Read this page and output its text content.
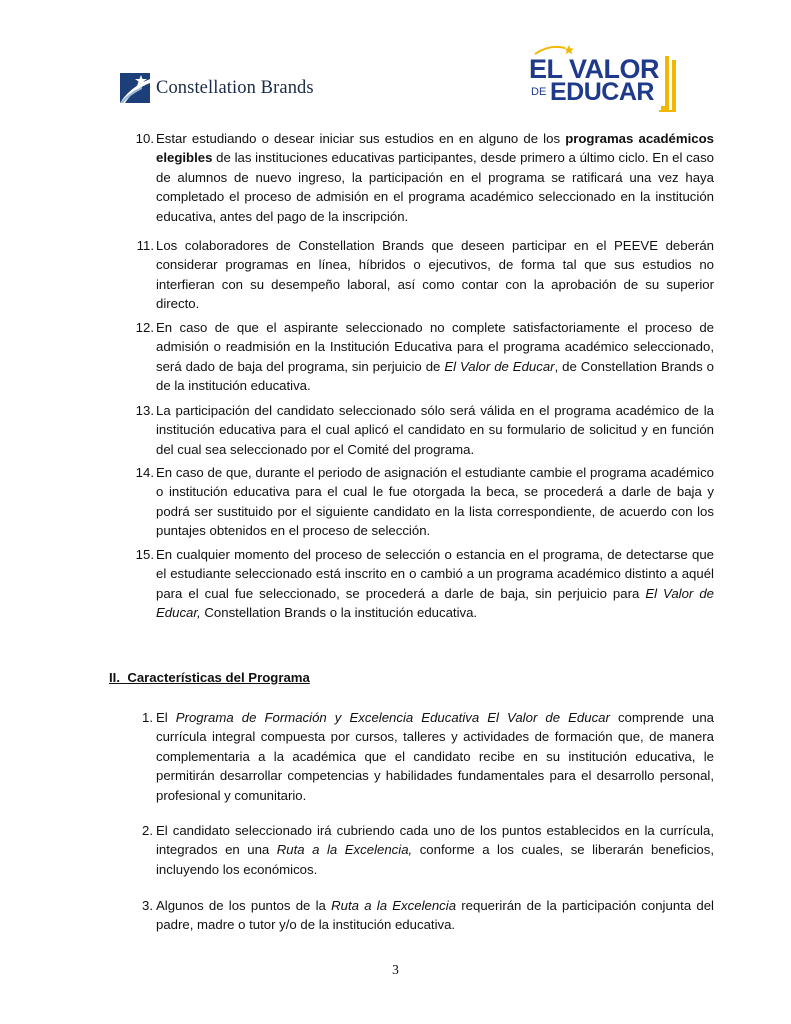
Constellation Brands
EL VALOR
DE EDUCAR
10. Estar estudiando o desear iniciar sus estudios en en alguno de los programas académicos elegibles de las instituciones educativas participantes, desde primero a último ciclo. En el caso de alumnos de nuevo ingreso, la participación en el programa se ratificará una vez haya completado el proceso de admisión en el programa académico seleccionado en la institución educativa, antes del pago de la inscripción.
11. Los colaboradores de Constellation Brands que deseen participar en el PEEVE deberán considerar programas en línea, híbridos o ejecutivos, de forma tal que sus estudios no interfieran con su desempeño laboral, así como contar con la aprobación de su superior directo.
12. En caso de que el aspirante seleccionado no complete satisfactoriamente el proceso de admisión o readmisión en la Institución Educativa para el programa académico seleccionado, será dado de baja del programa, sin perjuicio de El Valor de Educar, de Constellation Brands o de la institución educativa.
13. La participación del candidato seleccionado sólo será válida en el programa académico de la institución educativa para el cual aplicó el candidato en su formulario de solicitud y en función del cual sea seleccionado por el Comité del programa.
14. En caso de que, durante el periodo de asignación el estudiante cambie el programa académico o institución educativa para el cual le fue otorgada la beca, se procederá a darle de baja y podrá ser sustituido por el siguiente candidato en la lista correspondiente, de acuerdo con los puntajes obtenidos en el proceso de selección.
15. En cualquier momento del proceso de selección o estancia en el programa, de detectarse que el estudiante seleccionado está inscrito en o cambió a un programa académico distinto a aquél para el cual fue seleccionado, se procederá a darle de baja, sin perjuicio para El Valor de Educar, Constellation Brands o la institución educativa.
II.  Características del Programa
1. El Programa de Formación y Excelencia Educativa El Valor de Educar comprende una currícula integral compuesta por cursos, talleres y actividades de formación que, de manera complementaria a la académica que el candidato recibe en su institución educativa, le permitirán desarrollar competencias y habilidades fundamentales para el desarrollo personal, profesional y comunitario.
2. El candidato seleccionado irá cubriendo cada uno de los puntos establecidos en la currícula, integrados en una Ruta a la Excelencia, conforme a los cuales, se liberarán beneficios, incluyendo los económicos.
3. Algunos de los puntos de la Ruta a la Excelencia requerirán de la participación conjunta del padre, madre o tutor y/o de la institución educativa.
3
